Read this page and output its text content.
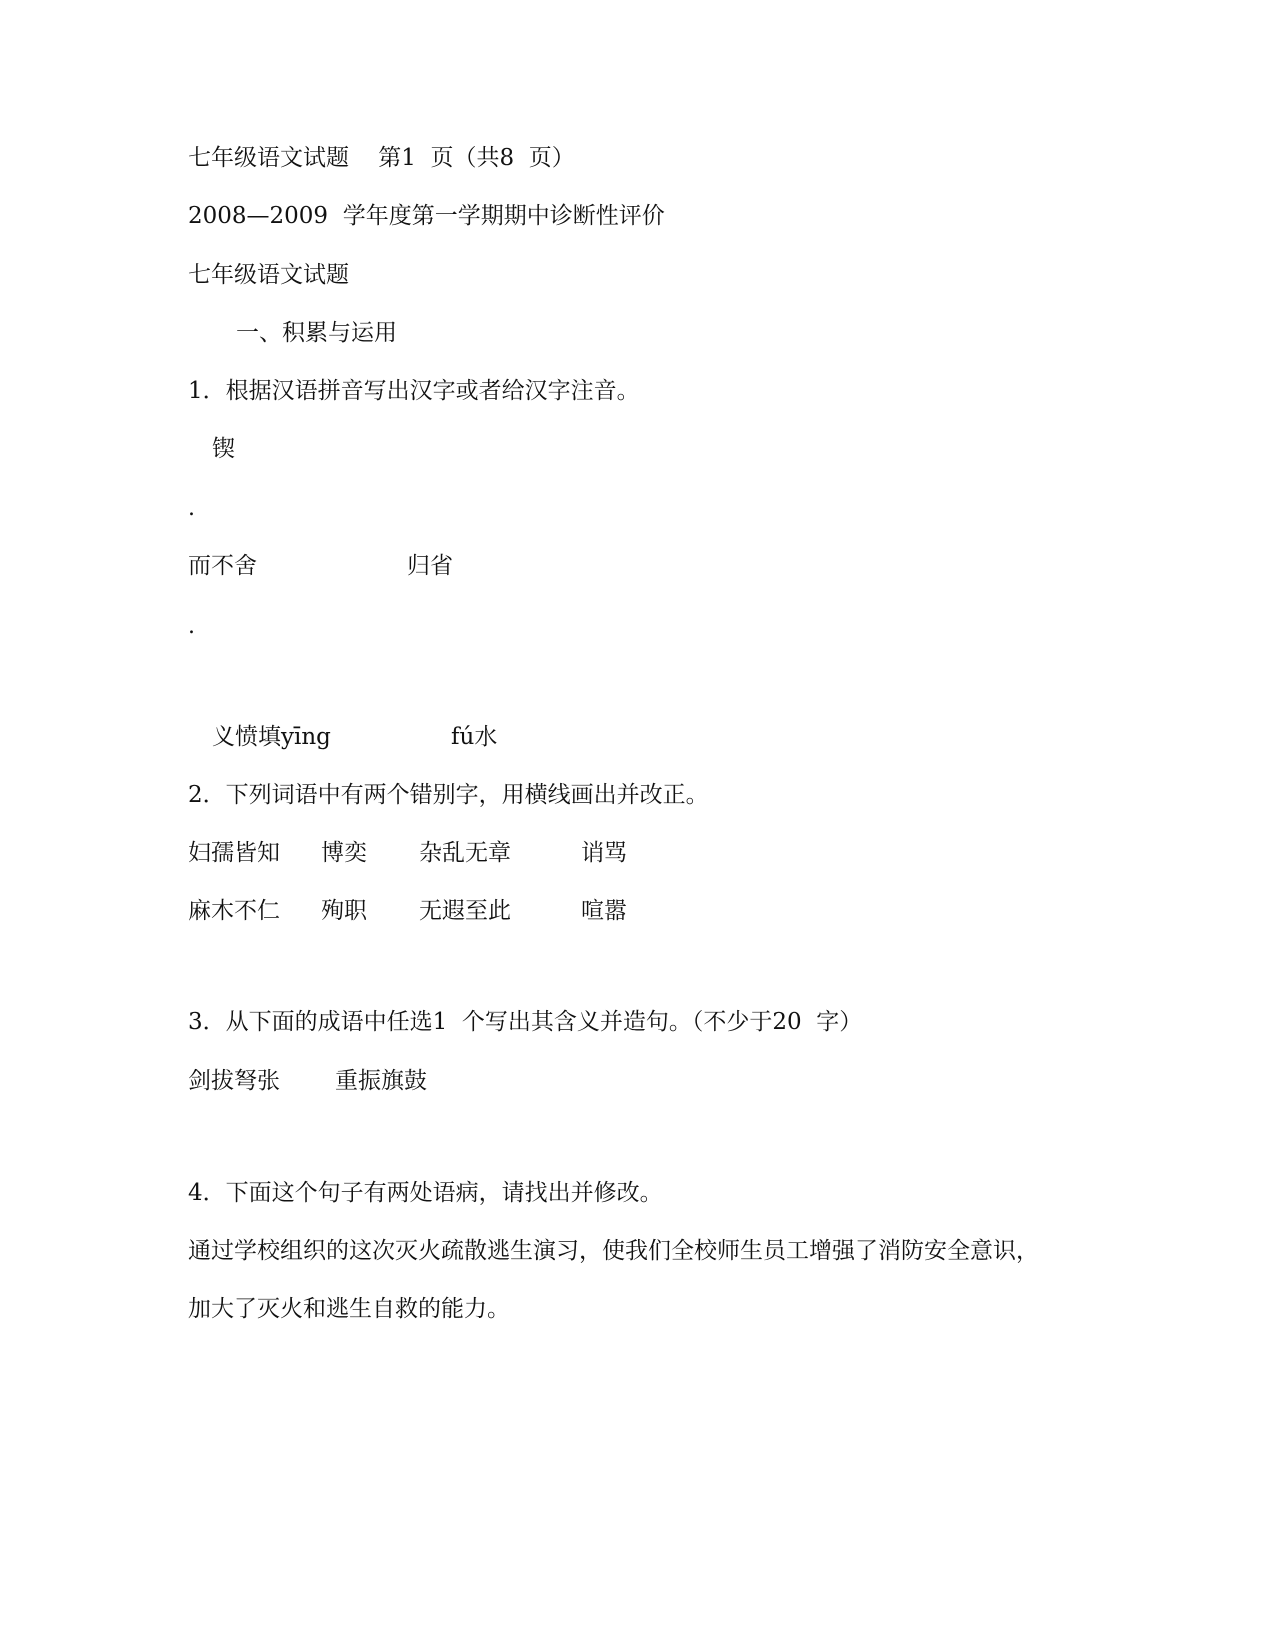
七年级语文试题 第1  页（共8  页）

2008—2009  学年度第一学期期中诊断性评价

七年级语文试题

一、积累与运用

1．根据汉语拼音写出汉字或者给汉字注音。

锲

.

而不舍	归省

.

义愤填yīng	fú水

2．下列词语中有两个错别字，用横线画出并改正。

妇孺皆知 博奕 杂乱无章	诮骂

麻木不仁 殉职 无遐至此	喧嚣

3．从下面的成语中任选1  个写出其含义并造句。（不少于20  字）

剑拔弩张 重振旗鼓

4．下面这个句子有两处语病，请找出并修改。

通过学校组织的这次灭火疏散逃生演习，使我们全校师生员工增强了消防安全意识，

加大了灭火和逃生自救的能力。
